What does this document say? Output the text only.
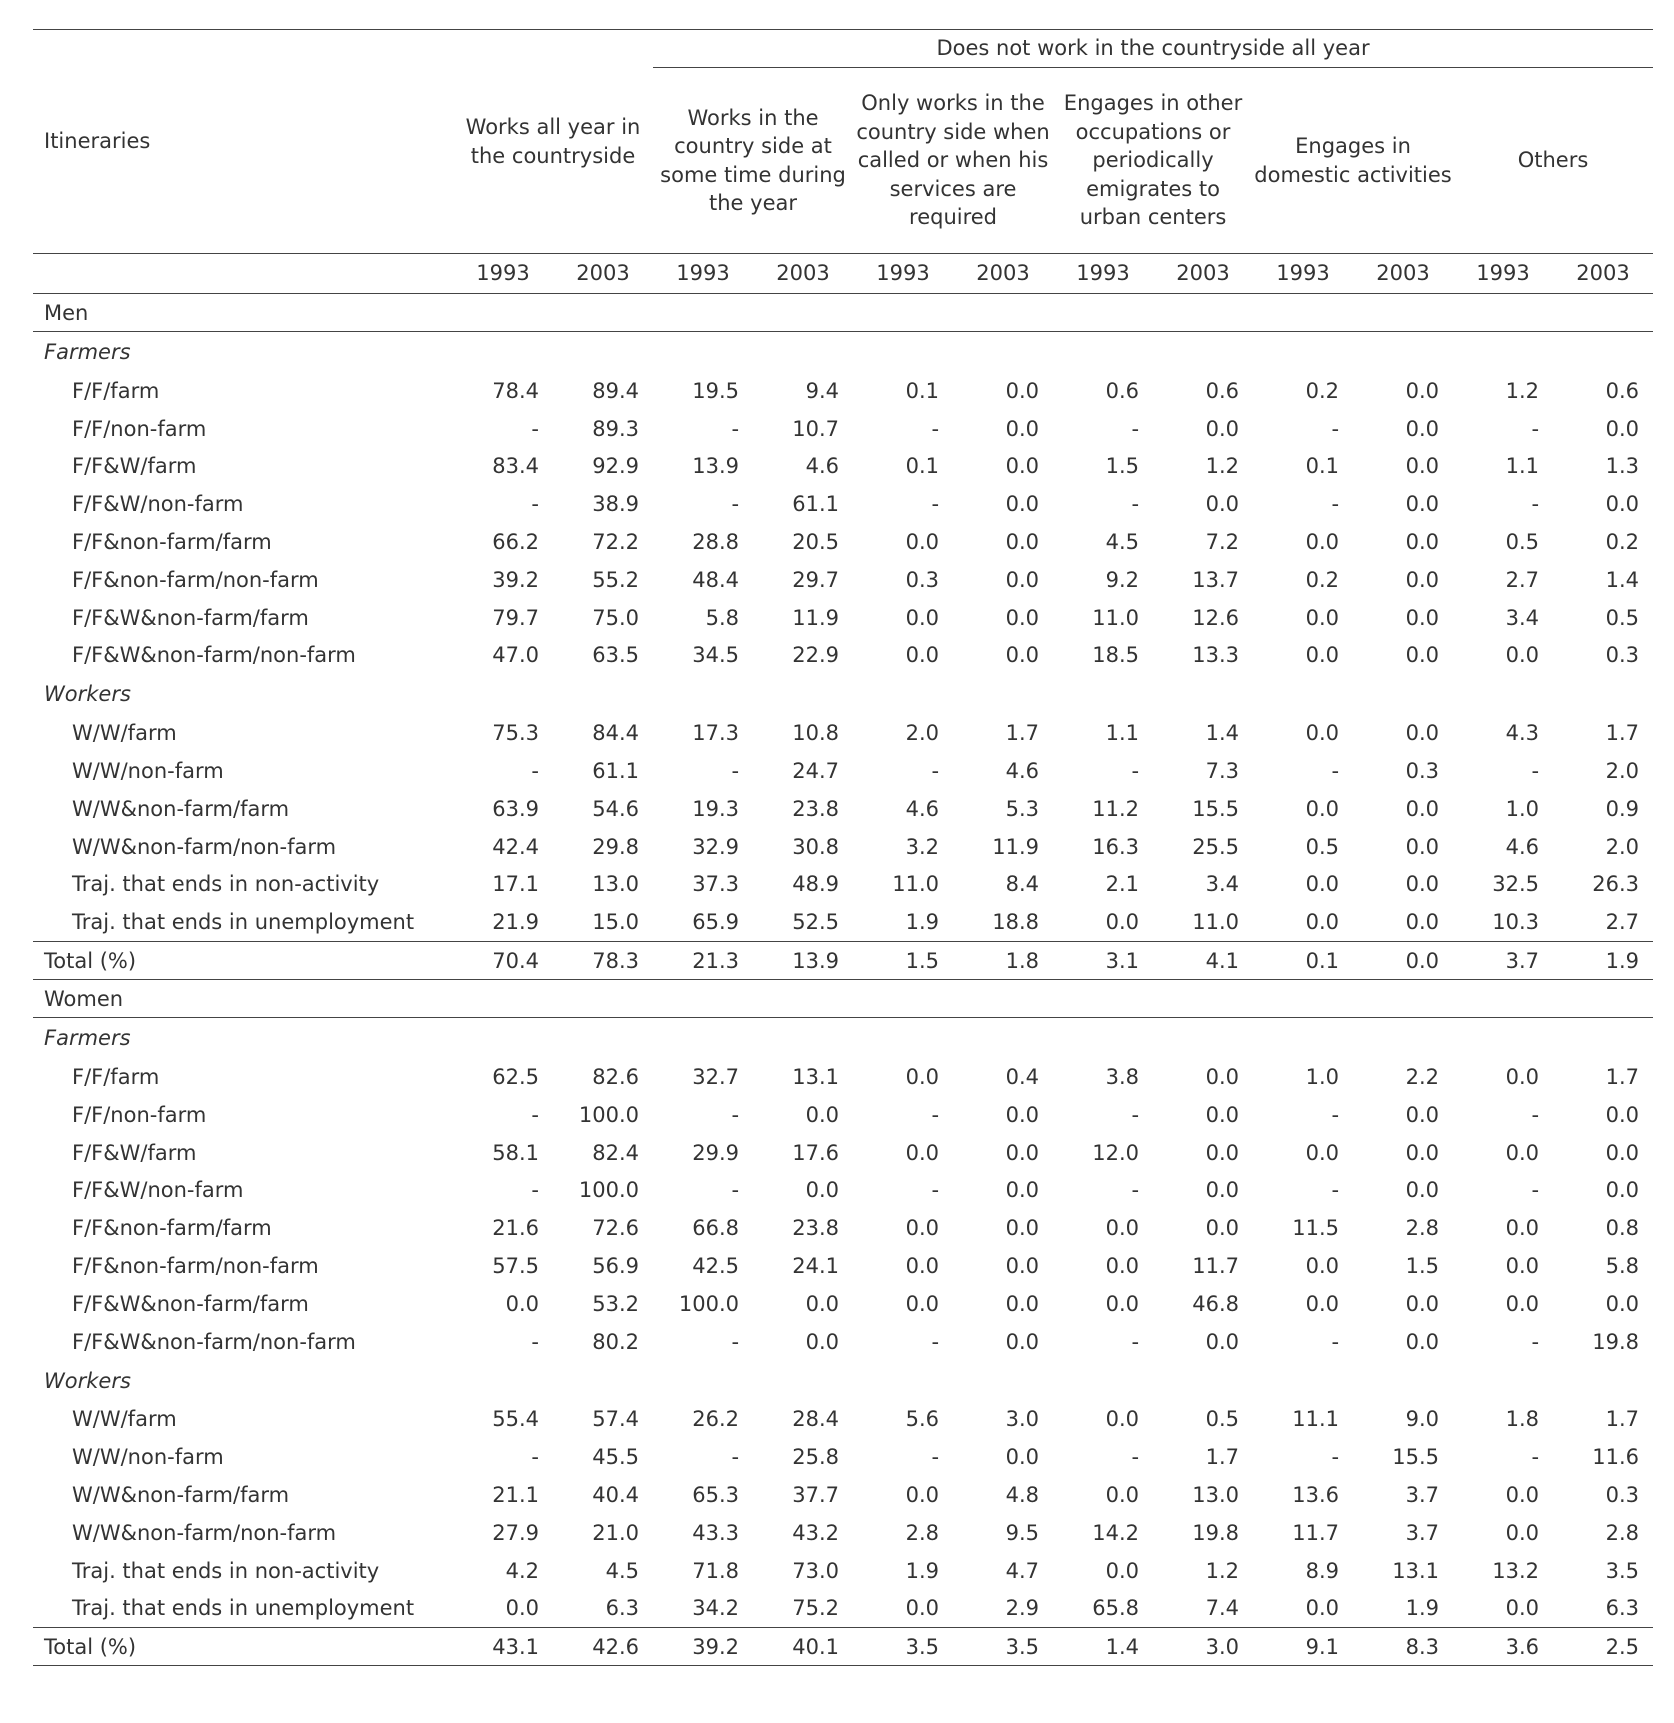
Itineraries	Works all year in the countryside		Does not work in the countryside all year									
			Works in the country side at some time during the year		Only works in the country side when called or when his services are required		Engages in other occupations or periodically emigrates to urban centers		Engages in domestic activities		Others	
	1993	2003	1993	2003	1993	2003	1993	2003	1993	2003	1993	2003
Men												
Farmers												
F/F/farm	78.4	89.4	19.5	9.4	0.1	0.0	0.6	0.6	0.2	0.0	1.2	0.6
F/F/non-farm	-	89.3	-	10.7	-	0.0	-	0.0	-	0.0	-	0.0
F/F&W/farm	83.4	92.9	13.9	4.6	0.1	0.0	1.5	1.2	0.1	0.0	1.1	1.3
F/F&W/non-farm	-	38.9	-	61.1	-	0.0	-	0.0	-	0.0	-	0.0
F/F&non-farm/farm	66.2	72.2	28.8	20.5	0.0	0.0	4.5	7.2	0.0	0.0	0.5	0.2
F/F&non-farm/non-farm	39.2	55.2	48.4	29.7	0.3	0.0	9.2	13.7	0.2	0.0	2.7	1.4
F/F&W&non-farm/farm	79.7	75.0	5.8	11.9	0.0	0.0	11.0	12.6	0.0	0.0	3.4	0.5
F/F&W&non-farm/non-farm	47.0	63.5	34.5	22.9	0.0	0.0	18.5	13.3	0.0	0.0	0.0	0.3
Workers												
W/W/farm	75.3	84.4	17.3	10.8	2.0	1.7	1.1	1.4	0.0	0.0	4.3	1.7
W/W/non-farm	-	61.1	-	24.7	-	4.6	-	7.3	-	0.3	-	2.0
W/W&non-farm/farm	63.9	54.6	19.3	23.8	4.6	5.3	11.2	15.5	0.0	0.0	1.0	0.9
W/W&non-farm/non-farm	42.4	29.8	32.9	30.8	3.2	11.9	16.3	25.5	0.5	0.0	4.6	2.0
Traj. that ends in non-activity	17.1	13.0	37.3	48.9	11.0	8.4	2.1	3.4	0.0	0.0	32.5	26.3
Traj. that ends in unemployment	21.9	15.0	65.9	52.5	1.9	18.8	0.0	11.0	0.0	0.0	10.3	2.7
Total (%)	70.4	78.3	21.3	13.9	1.5	1.8	3.1	4.1	0.1	0.0	3.7	1.9
Women												
Farmers												
F/F/farm	62.5	82.6	32.7	13.1	0.0	0.4	3.8	0.0	1.0	2.2	0.0	1.7
F/F/non-farm	-	100.0	-	0.0	-	0.0	-	0.0	-	0.0	-	0.0
F/F&W/farm	58.1	82.4	29.9	17.6	0.0	0.0	12.0	0.0	0.0	0.0	0.0	0.0
F/F&W/non-farm	-	100.0	-	0.0	-	0.0	-	0.0	-	0.0	-	0.0
F/F&non-farm/farm	21.6	72.6	66.8	23.8	0.0	0.0	0.0	0.0	11.5	2.8	0.0	0.8
F/F&non-farm/non-farm	57.5	56.9	42.5	24.1	0.0	0.0	0.0	11.7	0.0	1.5	0.0	5.8
F/F&W&non-farm/farm	0.0	53.2	100.0	0.0	0.0	0.0	0.0	46.8	0.0	0.0	0.0	0.0
F/F&W&non-farm/non-farm	-	80.2	-	0.0	-	0.0	-	0.0	-	0.0	-	19.8
Workers												
W/W/farm	55.4	57.4	26.2	28.4	5.6	3.0	0.0	0.5	11.1	9.0	1.8	1.7
W/W/non-farm	-	45.5	-	25.8	-	0.0	-	1.7	-	15.5	-	11.6
W/W&non-farm/farm	21.1	40.4	65.3	37.7	0.0	4.8	0.0	13.0	13.6	3.7	0.0	0.3
W/W&non-farm/non-farm	27.9	21.0	43.3	43.2	2.8	9.5	14.2	19.8	11.7	3.7	0.0	2.8
Traj. that ends in non-activity	4.2	4.5	71.8	73.0	1.9	4.7	0.0	1.2	8.9	13.1	13.2	3.5
Traj. that ends in unemployment	0.0	6.3	34.2	75.2	0.0	2.9	65.8	7.4	0.0	1.9	0.0	6.3
Total (%)	43.1	42.6	39.2	40.1	3.5	3.5	1.4	3.0	9.1	8.3	3.6	2.5
